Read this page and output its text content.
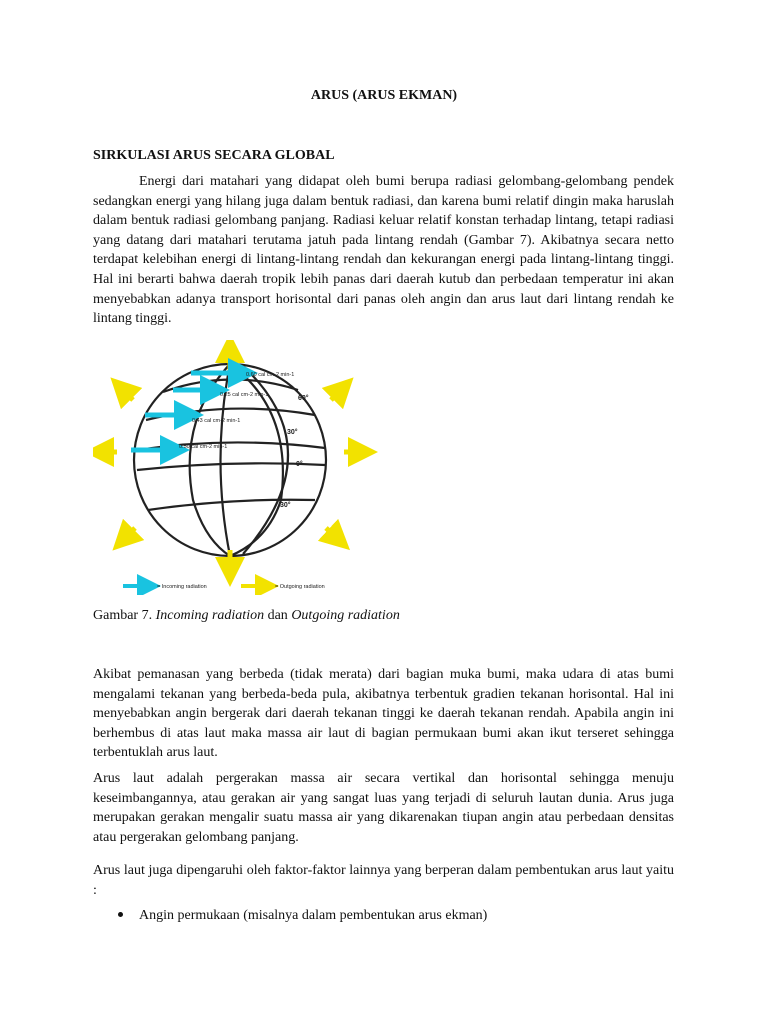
ARUS (ARUS EKMAN)
SIRKULASI ARUS SECARA GLOBAL

Energi dari matahari yang didapat oleh bumi berupa radiasi gelombang-gelombang pendek sedangkan energi yang hilang juga dalam bentuk radiasi, dan karena bumi relatif dingin maka haruslah dalam bentuk radiasi gelombang panjang. Radiasi keluar relatif konstan terhadap lintang, tetapi radiasi yang datang dari matahari terutama jatuh pada lintang rendah (Gambar 7). Akibatnya secara netto terdapat kelebihan energi di lintang-lintang rendah dan kekurangan energi pada lintang-lintang tinggi. Hal ini berarti bahwa daerah tropik lebih panas dari daerah kutub dan perbedaan temperatur ini akan menyebabkan adanya transport horisontal dari panas oleh angin dan arus laut dari lintang rendah ke lintang tinggi.

0.60 cal cm-2 min-1
0.25 cal cm-2 min-1
0.43 cal cm-2 min-1
0.50 cal cm-2 min-1
60°
30°
0°
30°
= Incoming radiation	= Outgoing radiation
Gambar 7. Incoming radiation dan Outgoing radiation

Akibat pemanasan yang berbeda (tidak merata) dari bagian muka bumi, maka udara di atas bumi mengalami tekanan yang berbeda-beda pula, akibatnya terbentuk gradien tekanan horisontal. Hal ini menyebabkan angin bergerak dari daerah tekanan tinggi ke daerah tekanan rendah. Apabila angin ini berhembus di atas laut maka massa air laut di bagian permukaan bumi akan ikut terseret sehingga terbentuklah arus laut.

Arus laut adalah pergerakan massa air secara vertikal dan horisontal sehingga menuju keseimbangannya, atau gerakan air yang sangat luas yang terjadi di seluruh lautan dunia. Arus juga merupakan gerakan mengalir suatu massa air yang dikarenakan tiupan angin atau perbedaan densitas atau pergerakan gelombang panjang.

Arus laut juga dipengaruhi oleh faktor-faktor lainnya yang berperan dalam pembentukan arus laut yaitu :

Angin permukaan (misalnya dalam pembentukan arus ekman)
